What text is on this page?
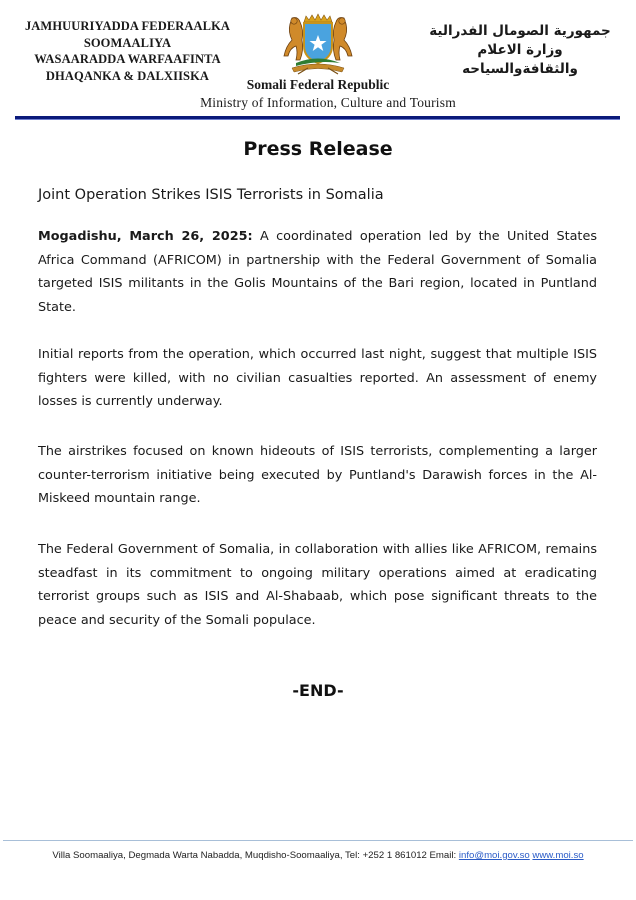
JAMHUURIYADDA FEDERAALKA
SOOMAALIYA
WASAARADDA WARFAAFINTA
DHAQANKA & DALXIISKA
جمهورية الصومال الفدرالية
وزارة الاعلام
والثقافةوالسياحه
Somali Federal Republic
Ministry of Information, Culture and Tourism
Press Release
Joint Operation Strikes ISIS Terrorists in Somalia
Mogadishu, March 26, 2025: A coordinated operation led by the United States Africa Command (AFRICOM) in partnership with the Federal Government of Somalia targeted ISIS militants in the Golis Mountains of the Bari region, located in Puntland State.
Initial reports from the operation, which occurred last night, suggest that multiple ISIS fighters were killed, with no civilian casualties reported. An assessment of enemy losses is currently underway.
The airstrikes focused on known hideouts of ISIS terrorists, complementing a larger counter-terrorism initiative being executed by Puntland's Darawish forces in the Al-Miskeed mountain range.
The Federal Government of Somalia, in collaboration with allies like AFRICOM, remains steadfast in its commitment to ongoing military operations aimed at eradicating terrorist groups such as ISIS and Al-Shabaab, which pose significant threats to the peace and security of the Somali populace.
-END-
Villa Soomaaliya, Degmada Warta Nabadda, Muqdisho-Soomaaliya, Tel: +252 1 861012 Email: info@moi.gov.so www.moi.so
